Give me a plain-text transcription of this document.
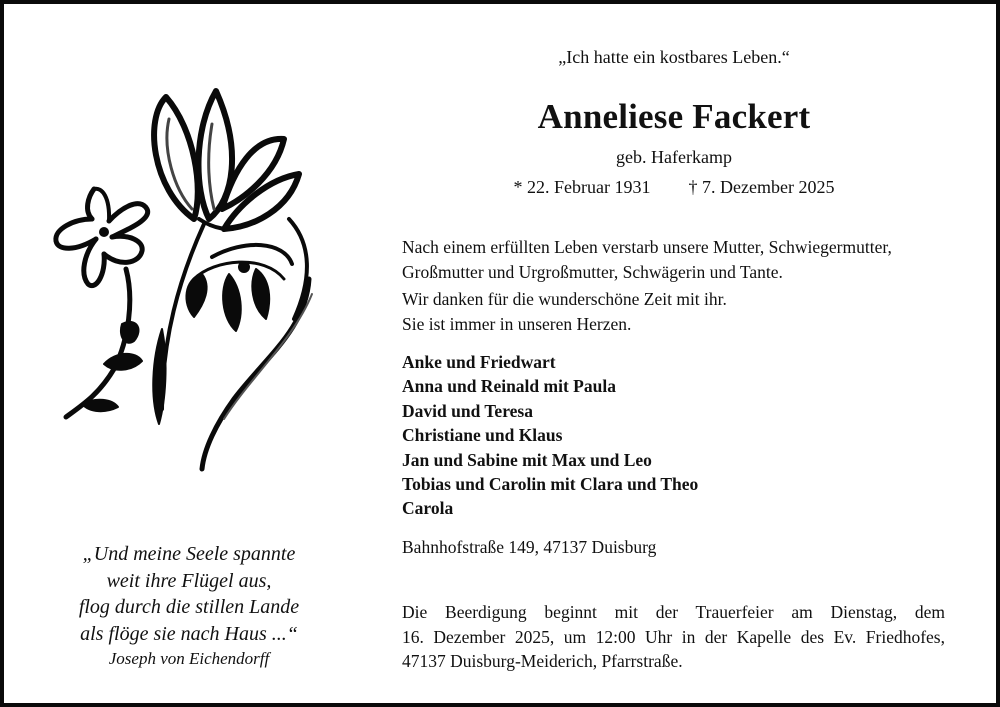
„Ich hatte ein kostbares Leben.“
Anneliese Fackert
geb. Haferkamp
* 22. Februar 1931 † 7. Dezember 2025
Nach einem erfüllten Leben verstarb unsere Mutter, Schwiegermutter,
Großmutter und Urgroßmutter, Schwägerin und Tante.
Wir danken für die wunderschöne Zeit mit ihr.
Sie ist immer in unseren Herzen.
Anke und Friedwart
Anna und Reinald mit Paula
David und Teresa
Christiane und Klaus
Jan und Sabine mit Max und Leo
Tobias und Carolin mit Clara und Theo
Carola
Bahnhofstraße 149, 47137 Duisburg
Die Beerdigung beginnt mit der Trauerfeier am Dienstag, dem
16. Dezember 2025, um 12:00 Uhr in der Kapelle des Ev. Friedhofes,
47137 Duisburg-Meiderich, Pfarrstraße.
„Und meine Seele spannte
weit ihre Flügel aus,
flog durch die stillen Lande
als flöge sie nach Haus ...“
Joseph von Eichendorff
